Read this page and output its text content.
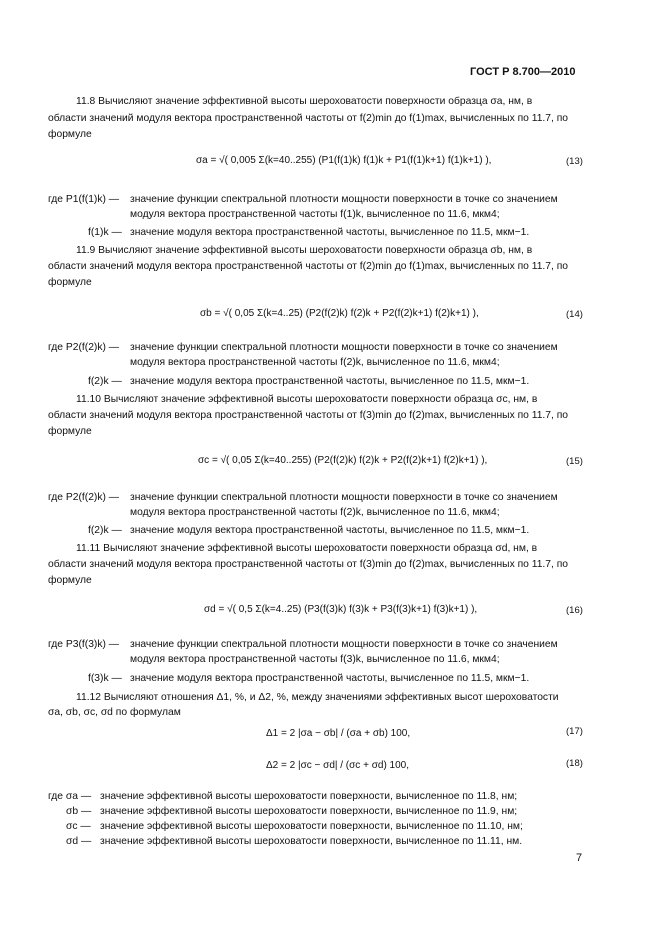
ГОСТ Р 8.700—2010
11.8 Вычисляют значение эффективной высоты шероховатости поверхности образца σa, нм, в
области значений модуля вектора пространственной частоты от f(2)min до f(1)max, вычисленных по 11.7, по
формуле
σa = √( 0,005 Σ(k=40..255) (P1(f(1)k) f(1)k + P1(f(1)k+1) f(1)k+1) ),	(13)
где P1(f(1)k) — значение функции спектральной плотности мощности поверхности в точке со значением
модуля вектора пространственной частоты f(1)k, вычисленное по 11.6, мкм4;
f(1)k — значение модуля вектора пространственной частоты, вычисленное по 11.5, мкм−1.
11.9 Вычисляют значение эффективной высоты шероховатости поверхности образца σb, нм, в
области значений модуля вектора пространственной частоты от f(2)min до f(1)max, вычисленных по 11.7, по
формуле
σb = √( 0,05 Σ(k=4..25) (P2(f(2)k) f(2)k + P2(f(2)k+1) f(2)k+1) ),	(14)
где P2(f(2)k) — значение функции спектральной плотности мощности поверхности в точке со значением
модуля вектора пространственной частоты f(2)k, вычисленное по 11.6, мкм4;
f(2)k — значение модуля вектора пространственной частоты, вычисленное по 11.5, мкм−1.
11.10 Вычисляют значение эффективной высоты шероховатости поверхности образца σc, нм, в
области значений модуля вектора пространственной частоты от f(3)min до f(2)max, вычисленных по 11.7, по
формуле
σc = √( 0,05 Σ(k=40..255) (P2(f(2)k) f(2)k + P2(f(2)k+1) f(2)k+1) ),	(15)
где P2(f(2)k) — значение функции спектральной плотности мощности поверхности в точке со значением
модуля вектора пространственной частоты f(2)k, вычисленное по 11.6, мкм4;
f(2)k — значение модуля вектора пространственной частоты, вычисленное по 11.5, мкм−1.
11.11 Вычисляют значение эффективной высоты шероховатости поверхности образца σd, нм, в
области значений модуля вектора пространственной частоты от f(3)min до f(2)max, вычисленных по 11.7, по
формуле
σd = √( 0,5 Σ(k=4..25) (P3(f(3)k) f(3)k + P3(f(3)k+1) f(3)k+1) ),	(16)
где P3(f(3)k) — значение функции спектральной плотности мощности поверхности в точке со значением
модуля вектора пространственной частоты f(3)k, вычисленное по 11.6, мкм4;
f(3)k — значение модуля вектора пространственной частоты, вычисленное по 11.5, мкм−1.
11.12 Вычисляют отношения Δ1, %, и Δ2, %, между значениями эффективных высот шероховатости
σa, σb, σc, σd по формулам
Δ1 = 2 |σa − σb| / (σa + σb) 100,	(17)
Δ2 = 2 |σc − σd| / (σc + σd) 100,	(18)
где σa — значение эффективной высоты шероховатости поверхности, вычисленное по 11.8, нм;
σb — значение эффективной высоты шероховатости поверхности, вычисленное по 11.9, нм;
σc — значение эффективной высоты шероховатости поверхности, вычисленное по 11.10, нм;
σd — значение эффективной высоты шероховатости поверхности, вычисленное по 11.11, нм.
7
